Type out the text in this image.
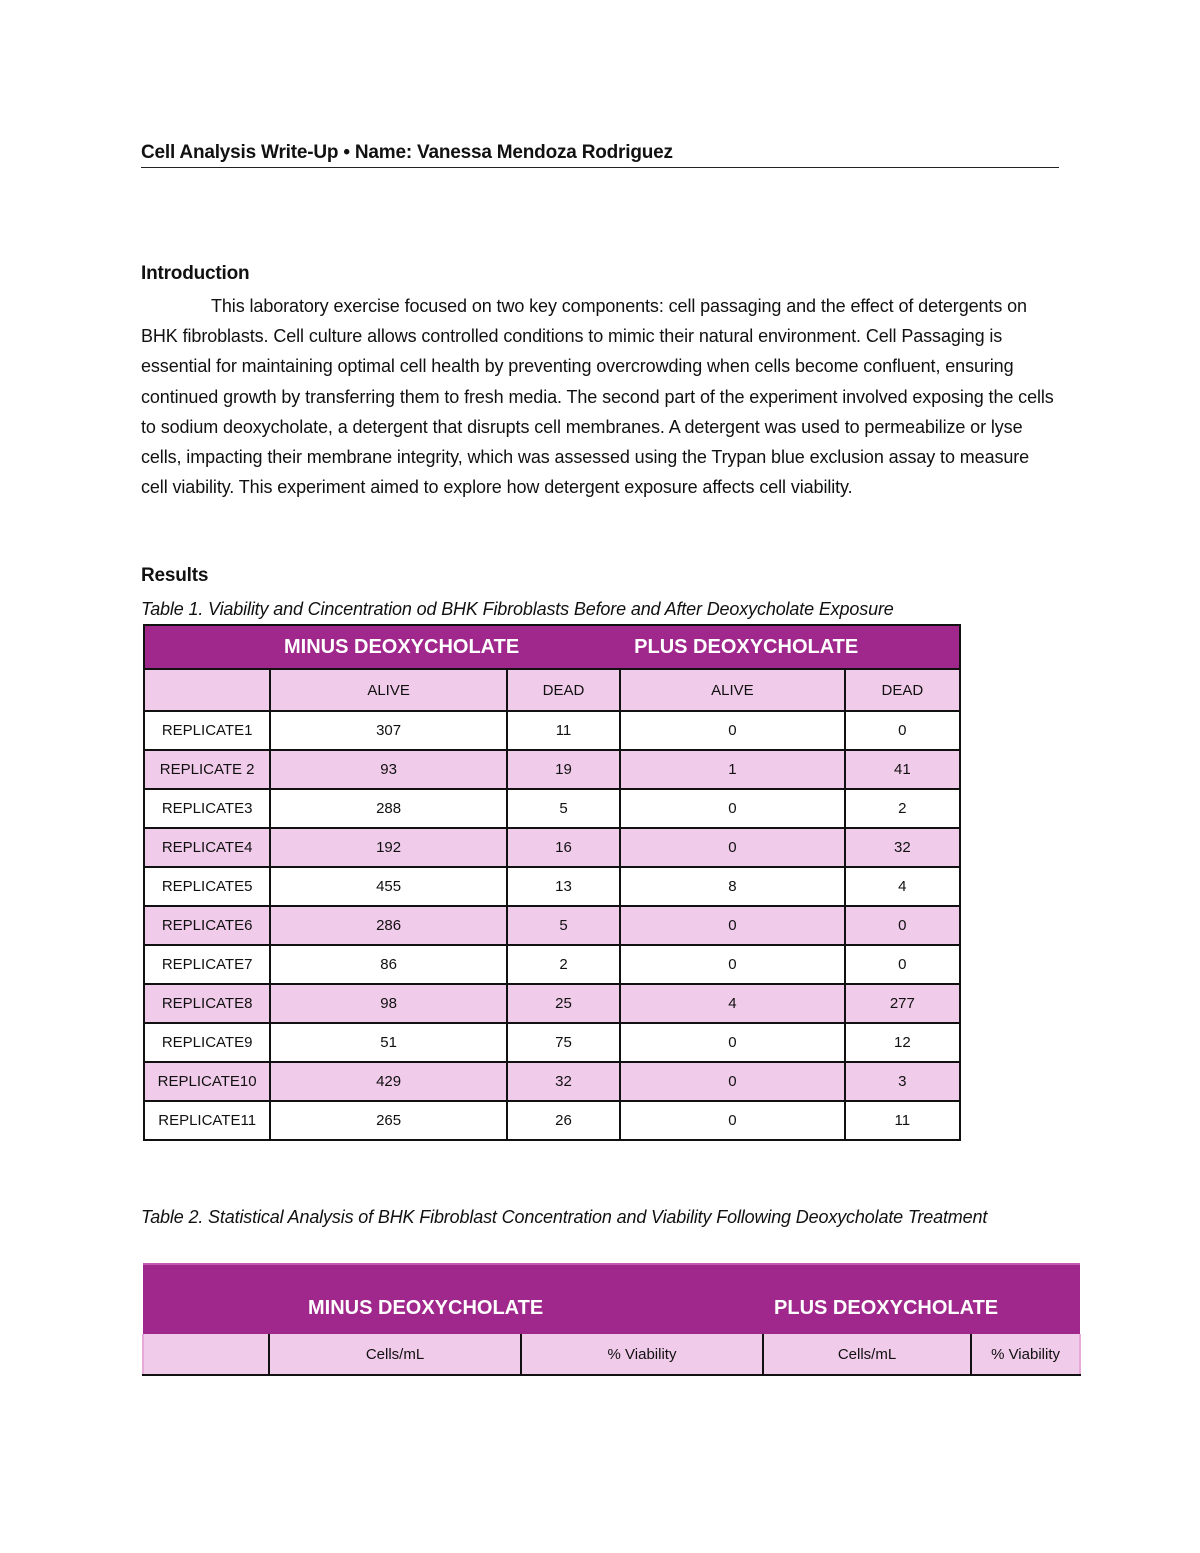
Cell Analysis Write-Up • Name: Vanessa Mendoza Rodriguez
Introduction

This laboratory exercise focused on two key components: cell passaging and the effect of detergents on BHK fibroblasts. Cell culture allows controlled conditions to mimic their natural environment. Cell Passaging is essential for maintaining optimal cell health by preventing overcrowding when cells become confluent, ensuring continued growth by transferring them to fresh media. The second part of the experiment involved exposing the cells to sodium deoxycholate, a detergent that disrupts cell membranes. A detergent was used to permeabilize or lyse cells, impacting their membrane integrity, which was assessed using the Trypan blue exclusion assay to measure cell viability. This experiment aimed to explore how detergent exposure affects cell viability.

Results
Table 1. Viability and Cincentration od BHK Fibroblasts Before and After Deoxycholate Exposure
MINUS DEOXYCHOLATE			PLUS DEOXYCHOLATE	
	ALIVE	DEAD	ALIVE	DEAD
REPLICATE1	307	11	0	0
REPLICATE 2	93	19	1	41
REPLICATE3	288	5	0	2
REPLICATE4	192	16	0	32
REPLICATE5	455	13	8	4
REPLICATE6	286	5	0	0
REPLICATE7	86	2	0	0
REPLICATE8	98	25	4	277
REPLICATE9	51	75	0	12
REPLICATE10	429	32	0	3
REPLICATE11	265	26	0	11
Table 2. Statistical Analysis of BHK Fibroblast Concentration and Viability Following Deoxycholate Treatment
MINUS DEOXYCHOLATE			PLUS DEOXYCHOLATE	
	Cells/mL	% Viability	Cells/mL	% Viability
